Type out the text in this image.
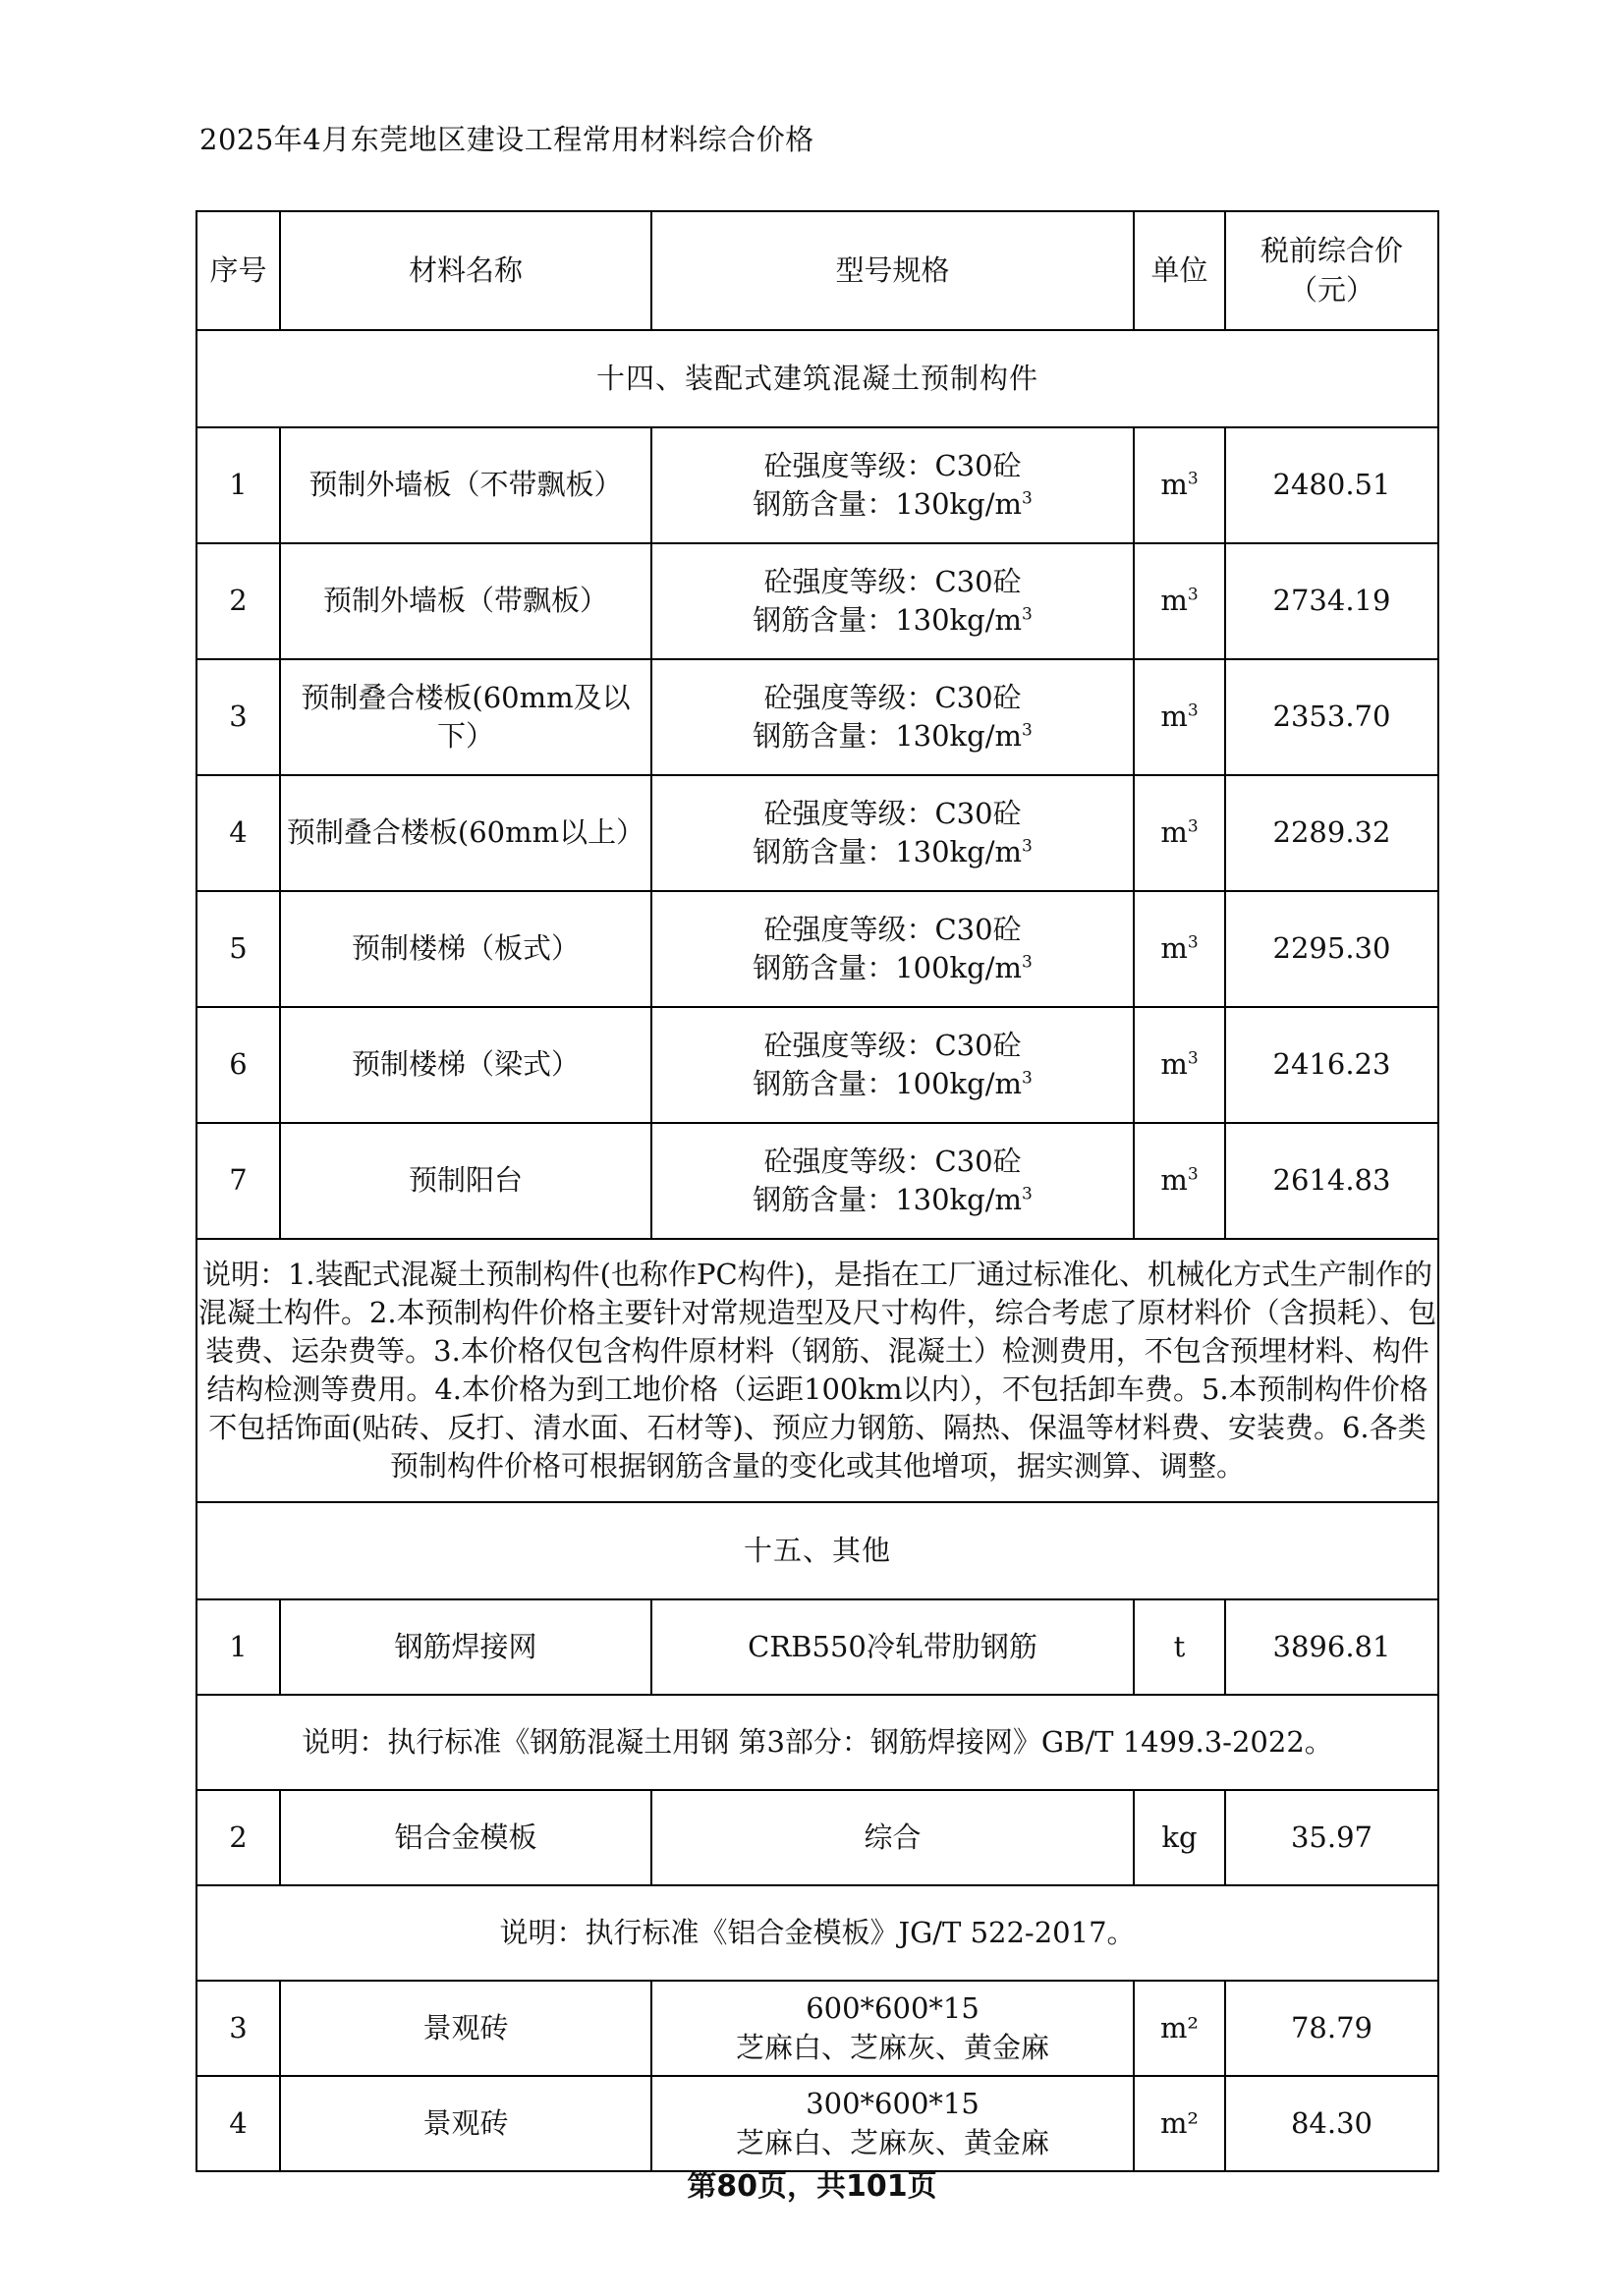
2025年4月东莞地区建设工程常用材料综合价格
序号	材料名称	型号规格	单位	税前综合价
（元）

十四、装配式建筑混凝土预制构件				
1	预制外墙板（不带飘板）	砼强度等级：C30砼
钢筋含量：$130kg/m^3$	$m^3$	2480.51
2	预制外墙板（带飘板）	砼强度等级：C30砼
钢筋含量：$130kg/m^3$	$m^3$	2734.19
3	预制叠合楼板(60mm及以下）	砼强度等级：C30砼
钢筋含量：$130kg/m^3$	$m^3$	2353.70
4	预制叠合楼板(60mm以上）	砼强度等级：C30砼
钢筋含量：$130kg/m^3$	$m^3$	2289.32
5	预制楼梯（板式）	砼强度等级：C30砼
钢筋含量：$100kg/m^3$	$m^3$	2295.30
6	预制楼梯（梁式）	砼强度等级：C30砼
钢筋含量：$100kg/m^3$	$m^3$	2416.23
7	预制阳台	砼强度等级：C30砼
钢筋含量：$130kg/m^3$	$m^3$	2614.83
说明：1.装配式混凝土预制构件(也称作PC构件)，是指在工厂通过标准化、机械化方式生产制作的混凝土构件。2.本预制构件价格主要针对常规造型及尺寸构件，综合考虑了原材料价（含损耗）、包装费、运杂费等。3.本价格仅包含构件原材料（钢筋、混凝土）检测费用，不包含预埋材料、构件结构检测等费用。4.本价格为到工地价格（运距100km以内），不包括卸车费。5.本预制构件价格不包括饰面(贴砖、反打、清水面、石材等)、预应力钢筋、隔热、保温等材料费、安装费。6.各类预制构件价格可根据钢筋含量的变化或其他增项，据实测算、调整。				
十五、其他				
1	钢筋焊接网	CRB550冷轧带肋钢筋	t	3896.81
说明：执行标准《钢筋混凝土用钢 第3部分：钢筋焊接网》GB/T 1499.3-2022。				
2	铝合金模板	综合	kg	35.97
说明：执行标准《铝合金模板》JG/T 522-2017。				
3	景观砖	600*600*15
芝麻白、芝麻灰、黄金麻	m²	78.79
4	景观砖	300*600*15
芝麻白、芝麻灰、黄金麻	m²	84.30
第80页，共101页
